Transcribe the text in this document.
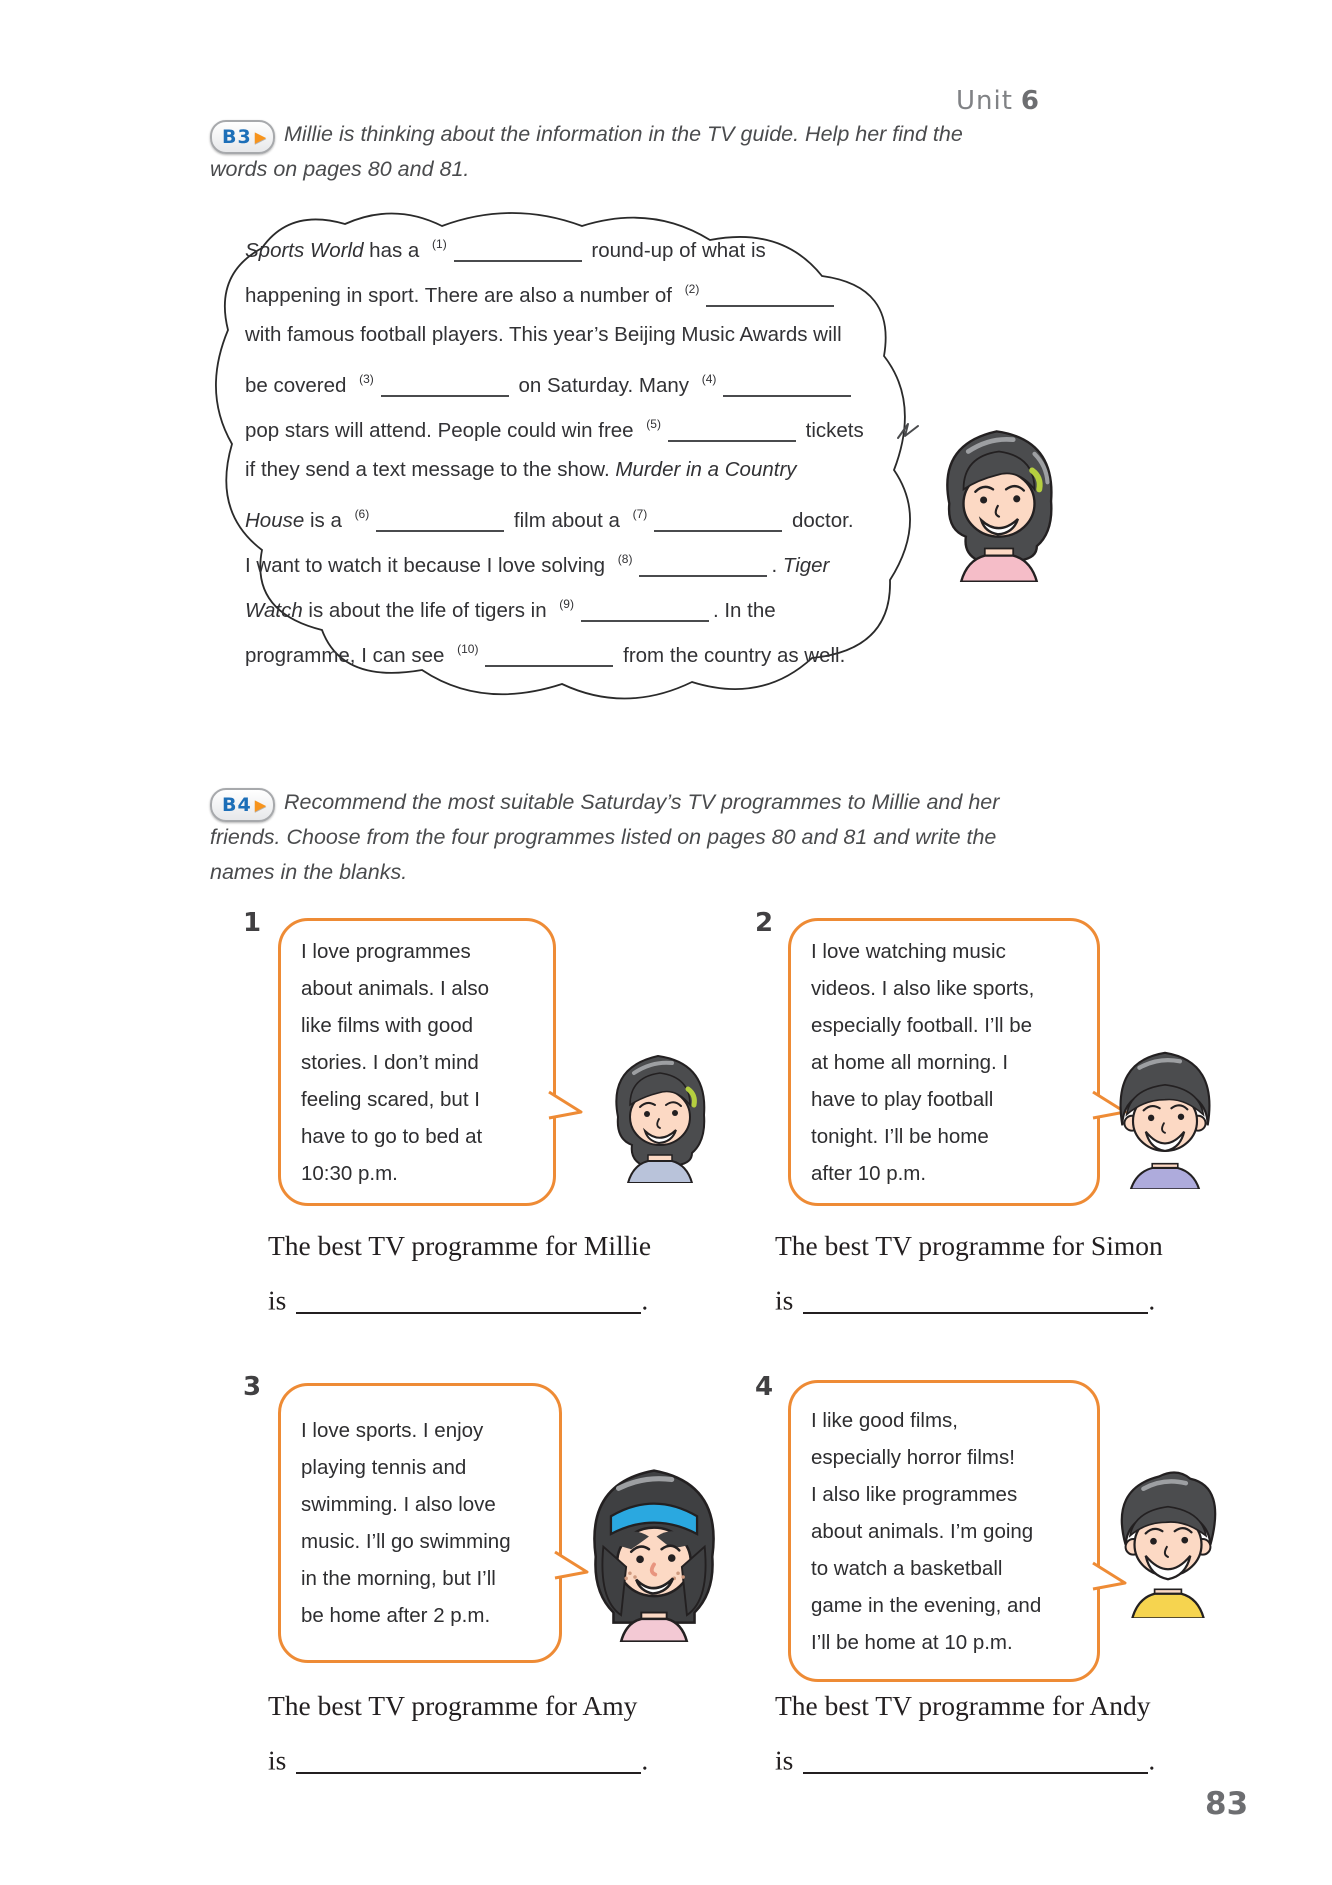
Unit 6
B3 ▶ Millie is thinking about the information in the TV guide. Help her find the
words on pages 80 and 81.
Sports World has a $^{(1)}$	round-up of what is
happening in sport. There are also a number of $^{(2)}$
with famous football players. This year’s Beijing Music Awards will
be covered $^{(3)}$	on Saturday. Many $^{(4)}$
pop stars will attend. People could win free $^{(5)}$	tickets
if they send a text message to the show. Murder in a Country
House is a $^{(6)}$	film about a $^{(7)}$	doctor.
I want to watch it because I love solving $^{(8)}$	. Tiger
Watch is about the life of tigers in $^{(9)}$	. In the
programme, I can see $^{(10)}$	from the country as well.
B4 ▶ Recommend the most suitable Saturday’s TV programmes to Millie and her
friends. Choose from the four programmes listed on pages 80 and 81 and write the
names in the blanks.
1	2
3	4
I love programmes
about animals. I also
like films with good
stories. I don’t mind
feeling scared, but I
have to go to bed at
10:30 p.m.
I love watching music
videos. I also like sports,
especially football. I’ll be
at home all morning. I
have to play football
tonight. I’ll be home
after 10 p.m.
I love sports. I enjoy
playing tennis and
swimming. I also love
music. I’ll go swimming
in the morning, but I’ll
be home after 2 p.m.
I like good films,
especially horror films!
I also like programmes
about animals. I’m going
to watch a basketball
game in the evening, and
I’ll be home at 10 p.m.
The best TV programme for Millie	The best TV programme for Simon
The best TV programme for Amy	The best TV programme for Andy
is	.	is	.
is	.	is	.
83
